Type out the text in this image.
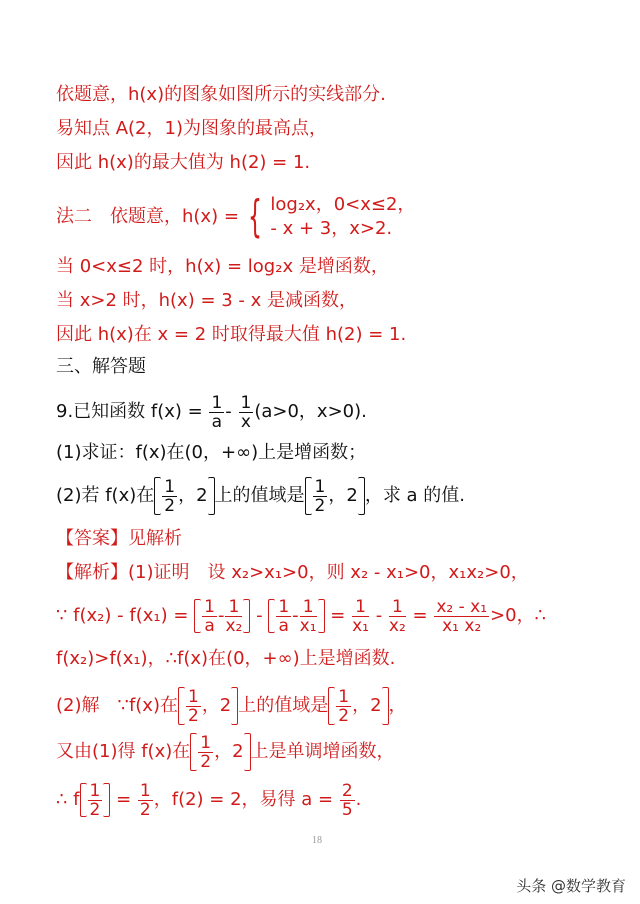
依题意，h(x)的图象如图所示的实线部分.
易知点 A(2，1)为图象的最高点，
因此 h(x)的最大值为 h(2) = 1.
法二　依题意，h(x) = { log₂x，0<x≤2，
- x + 3，x>2.
当 0<x≤2 时，h(x) = log₂x 是增函数，
当 x>2 时，h(x) = 3 - x 是减函数，
因此 h(x)在 x = 2 时取得最大值 h(2) = 1.
三、解答题
9.已知函数 $f(x) = \frac{1}{a} - \frac{1}{x} (a>0$，x>0).
(1)求证：f(x)在(0，+∞)上是增函数；
(2)若 f(x)在 $\frac{1}{2}$ ，2 上的值域是 $\frac{1}{2}$ ，2 ，求 a 的值.
【答案】见解析
【解析】(1)证明　设 x₂>x₁>0，则 x₂ - x₁>0，x₁x₂>0，
∵ $f(x_2) - f(x_1) = \frac{1}{a} - \frac{1}{\text{x₂}} - \frac{1}{a} - \frac{1}{\text{x₁}} = \frac{1}{\text{x₁}} - \frac{1}{\text{x₂}} = \frac{\text{x₂ - x₁}}{\text{x₁ x₂}} >0$，∴
f(x₂)>f(x₁)，∴f(x)在(0，+∞)上是增函数.
(2)解　∵f(x)在 $\frac{1}{2}$ ，2 上的值域是 $\frac{1}{2}$ ，2 ，
又由(1)得 f(x)在 $\frac{1}{2}$ ，2 上是单调增函数，
∴ f $\frac{1}{2} = \frac{1}{2}$ ，f(2) = 2，易得 $a = \frac{2}{5}$ .
18
头条 @数学教育
